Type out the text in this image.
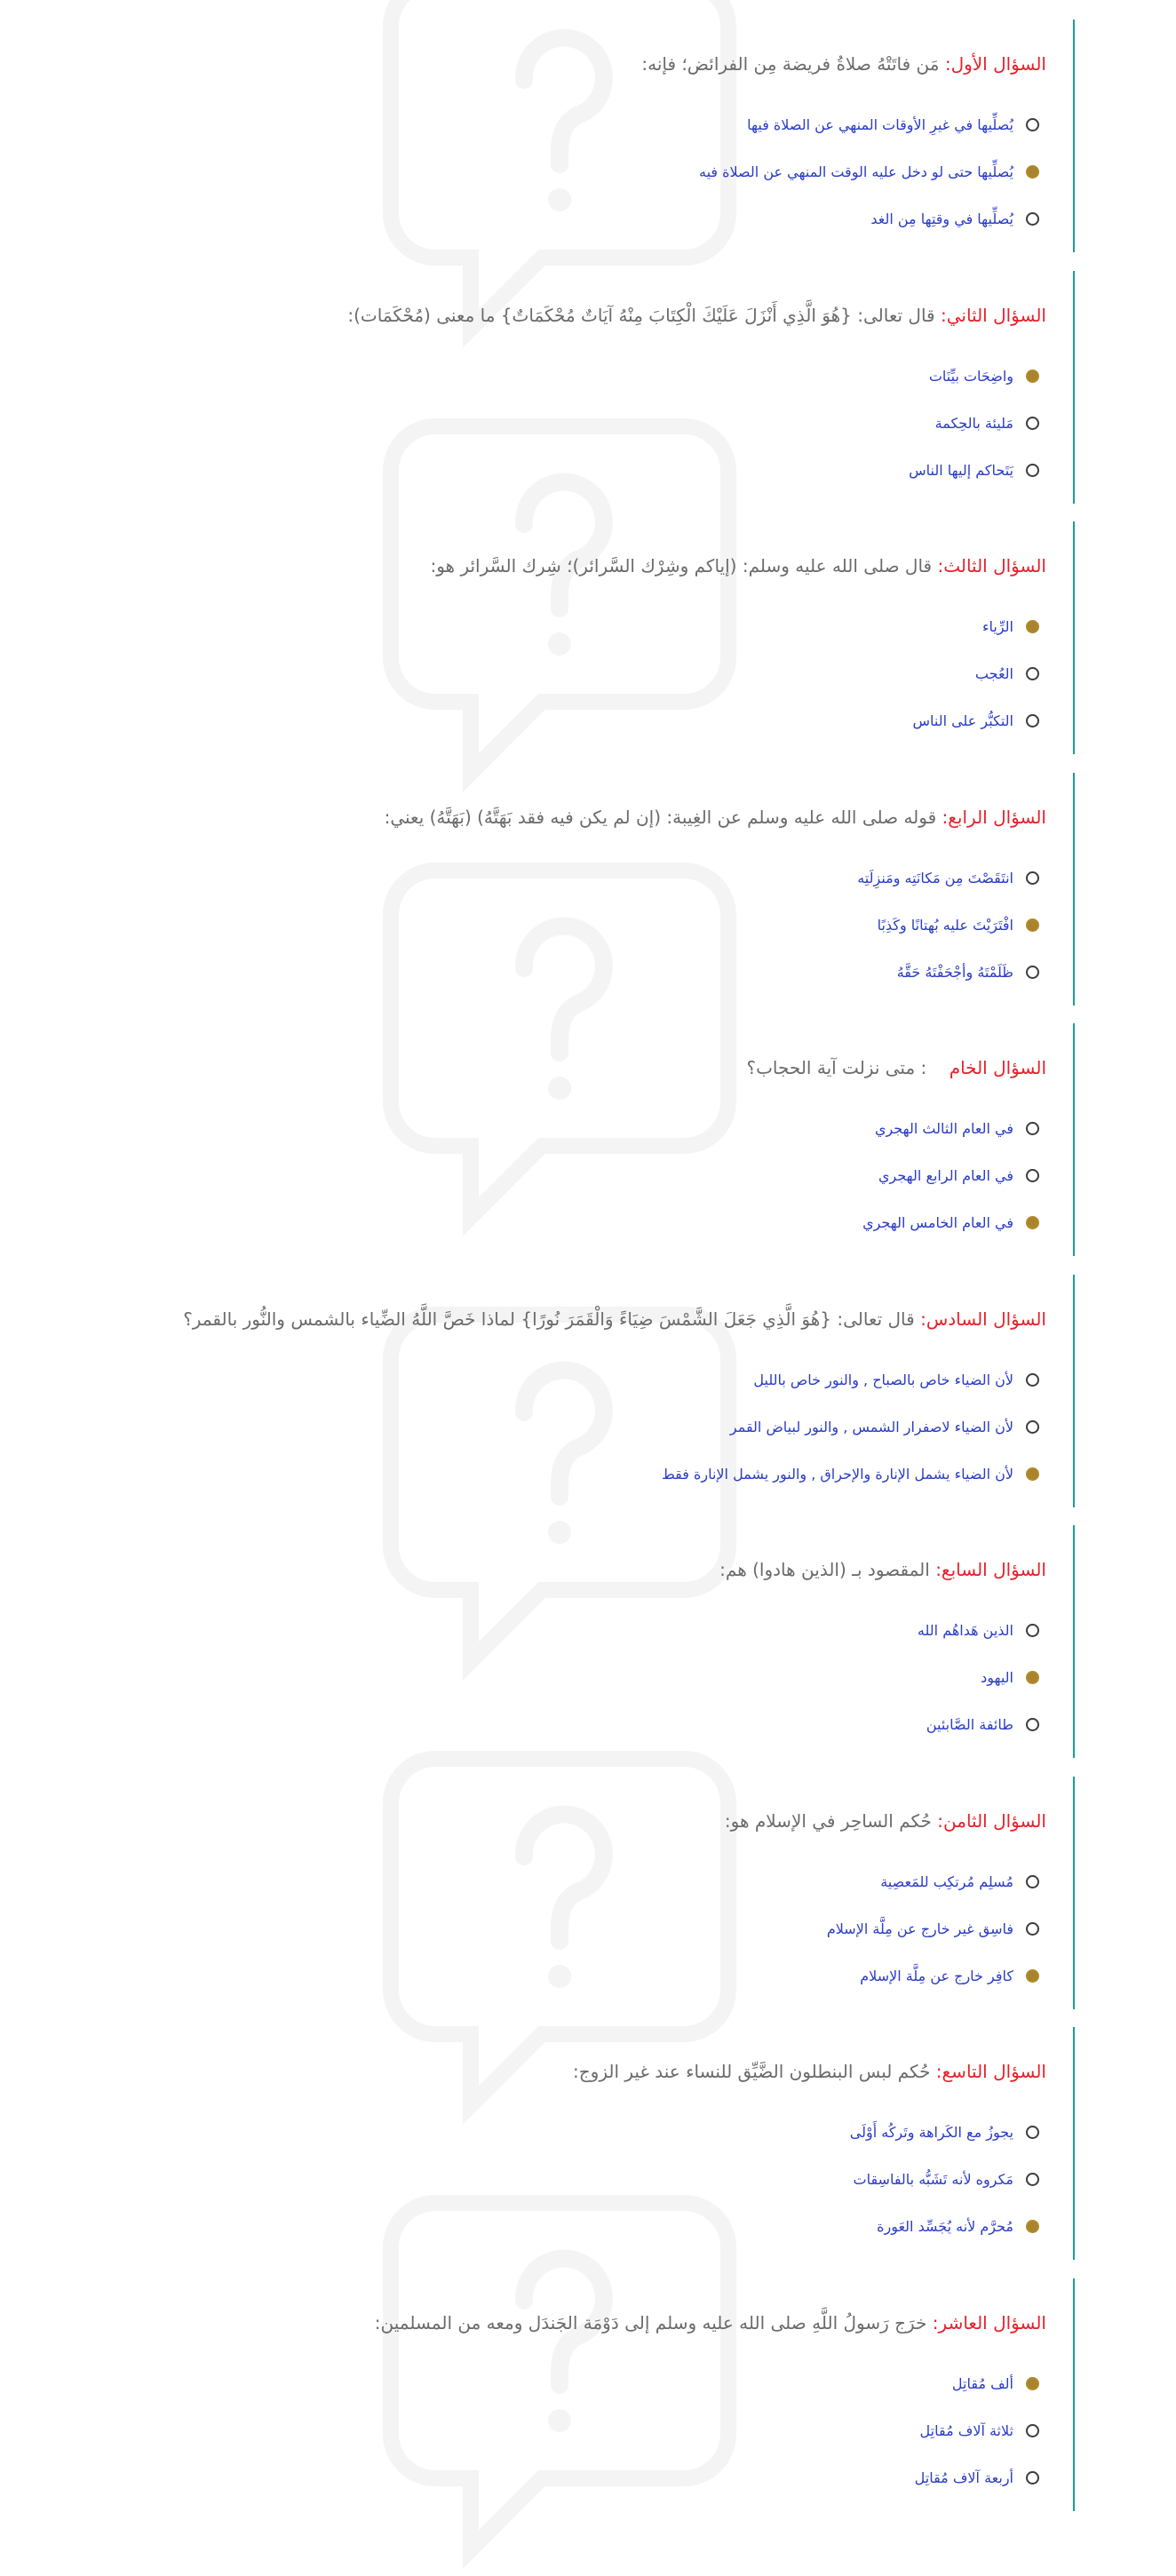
السؤال الأول: مَن فاتَتْهُ صلاةُ فريضة مِن الفرائض؛ فإنه:
يُصلِّيها في غيرِ الأوقات المنهي عن الصلاة فيها
يُصلِّيها حتى لو دخل عليه الوقت المنهي عن الصلاة فيه
يُصلِّيها في وقتِها مِن الغد
السؤال الثاني: قال تعالى: {هُوَ الَّذِي أَنْزَلَ عَلَيْكَ الْكِتَابَ مِنْهُ آيَاتٌ مُحْكَمَاتٌ} ما معنى (مُحْكَمَات):
واضِحَات بيِّنَات
مَليئة بالحِكمة
يَتَحاكم إليها الناس
السؤال الثالث: قال صلى الله عليه وسلم: (إياكم وشِرْك السَّرائر)؛ شِرك السَّرائر هو:
الرِّياء
العُجب
التكبُّر على الناس
السؤال الرابع: قوله صلى الله عليه وسلم عن الغِيبة: (إن لم يكن فيه فقد بَهَتَّهُ) (بَهَتَّهُ) يعني:
انتَقَصْتَ مِن مَكانَتِه ومَنزِلَتِه
افْتَرَيْتَ عليه بُهتانًا وكَذِبًا
ظَلَمْتَهُ وأجْحَفْتَهُ حَقَّهُ
السؤال الخام    : متى نزلت آية الحجاب؟
في العام الثالث الهجري
في العام الرابع الهجري
في العام الخامس الهجري
السؤال السادس: قال تعالى: {هُوَ الَّذِي جَعَلَ الشَّمْسَ ضِيَاءً وَالْقَمَرَ نُورًا} لماذا خَصَّ اللَّهُ الضِّياء بالشمس والنُّور بالقمر؟
لأن الضياء خاص بالصباح , والنور خاص بالليل
لأن الضياء لاصفرار الشمس , والنور لبياض القمر
لأن الضياء يشمل الإنارة والإحراق , والنور يشمل الإنارة فقط
السؤال السابع: المقصود بـ (الذين هادوا) هم:
الذين هَداهُم الله
اليهود
طائفة الصَّابئين
السؤال الثامن: حُكم الساحِر في الإسلام هو:
مُسلِم مُرتكِب للمَعصِية
فاسِق غير خارج عن مِلَّة الإسلام
كافِر خارج عن مِلَّة الإسلام
السؤال التاسع: حُكم لبس البنطلون الضَّيِّق للنساء عند غير الزوج:
يجوزُ مع الكَراهة وتَركُه أَوْلَى
مَكروه لأنه تَشَبُّه بالفاسِقات
مُحرَّم لأنه يُجَسِّد العَورة
السؤال العاشر: خرَج رَسولُ اللَّهِ صلى الله عليه وسلم إلى دَوْمَة الجَندَل ومعه من المسلمين:
ألف مُقاتِل
ثلاثة آلاف مُقاتِل
أربعة آلاف مُقاتِل
